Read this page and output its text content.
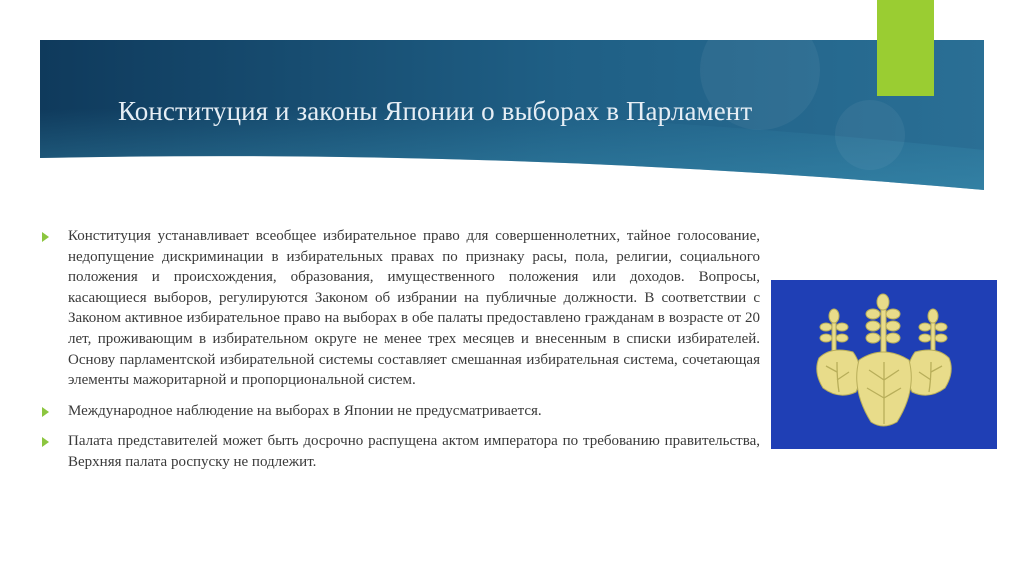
Конституция и законы Японии о выборах в Парламент
Конституция устанавливает всеобщее избирательное право для совершеннолетних, тайное голосование, недопущение дискриминации в избирательных правах по признаку расы, пола, религии, социального положения и происхождения, образования, имущественного положения или доходов. Вопросы, касающиеся выборов, регулируются Законом об избрании на публичные должности. В соответствии с Законом активное избирательное право на выборах в обе палаты предоставлено гражданам в возрасте от 20 лет, проживающим в избирательном округе не менее трех месяцев и внесенным в списки избирателей. Основу парламентской избирательной системы составляет смешанная избирательная система, сочетающая элементы мажоритарной и пропорциональной систем.
Международное наблюдение на выборах в Японии не предусматривается.
Палата представителей может быть досрочно распущена актом императора по требованию правительства, Верхняя палата роспуску не подлежит.
